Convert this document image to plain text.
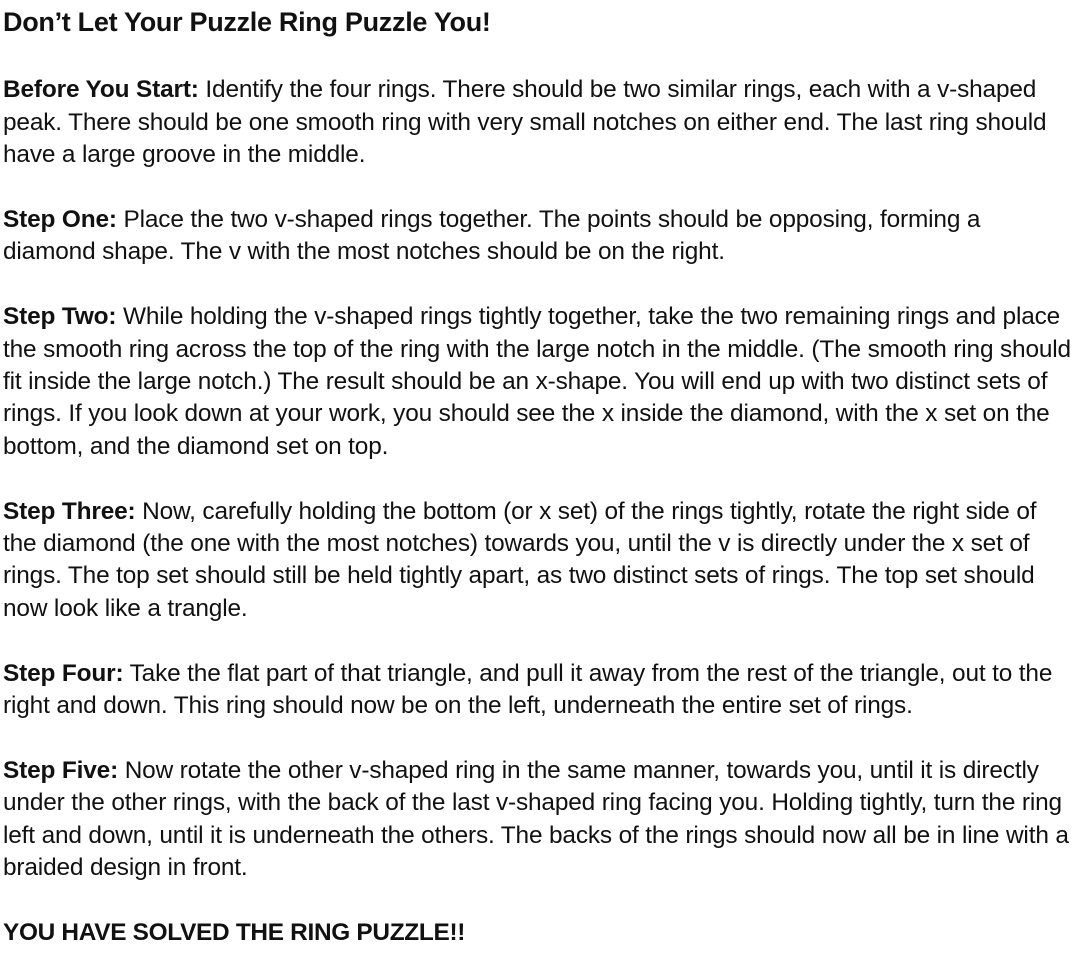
Don’t Let Your Puzzle Ring Puzzle You!

Before You Start: Identify the four rings. There should be two similar rings, each with a v-shaped peak. There should be one smooth ring with very small notches on either end. The last ring should have a large groove in the middle.

Step One: Place the two v-shaped rings together. The points should be opposing, forming a diamond shape. The v with the most notches should be on the right.

Step Two: While holding the v-shaped rings tightly together, take the two remaining rings and place the smooth ring across the top of the ring with the large notch in the middle. (The smooth ring should fit inside the large notch.) The result should be an x-shape. You will end up with two distinct sets of rings. If you look down at your work, you should see the x inside the diamond, with the x set on the bottom, and the diamond set on top.

Step Three: Now, carefully holding the bottom (or x set) of the rings tightly, rotate the right side of the diamond (the one with the most notches) towards you, until the v is directly under the x set of rings. The top set should still be held tightly apart, as two distinct sets of rings. The top set should now look like a trangle.

Step Four: Take the flat part of that triangle, and pull it away from the rest of the triangle, out to the right and down. This ring should now be on the left, underneath the entire set of rings.

Step Five: Now rotate the other v-shaped ring in the same manner, towards you, until it is directly under the other rings, with the back of the last v-shaped ring facing you. Holding tightly, turn the ring left and down, until it is underneath the others. The backs of the rings should now all be in line with a braided design in front.

YOU HAVE SOLVED THE RING PUZZLE!!
